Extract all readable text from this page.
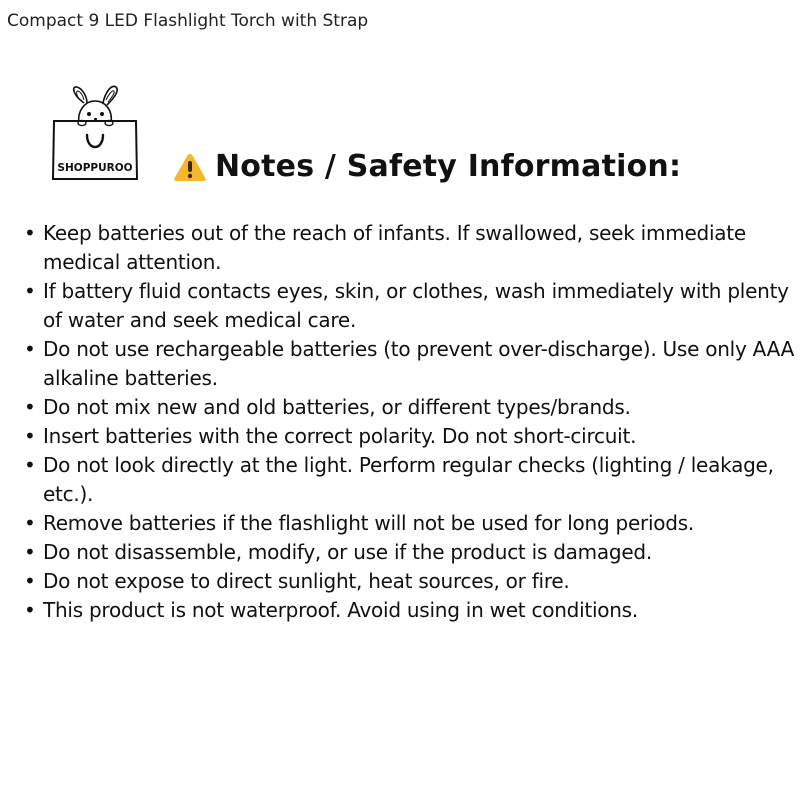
Compact 9 LED Flashlight Torch with Strap
SHOPPUROO	Notes / Safety Information:
• Keep batteries out of the reach of infants. If swallowed, seek immediate medical attention.
• If battery fluid contacts eyes, skin, or clothes, wash immediately with plenty of water and seek medical care.
• Do not use rechargeable batteries (to prevent over-discharge). Use only AAA alkaline batteries.
• Do not mix new and old batteries, or different types/brands.
• Insert batteries with the correct polarity. Do not short-circuit.
• Do not look directly at the light. Perform regular checks (lighting / leakage, etc.).
• Remove batteries if the flashlight will not be used for long periods.
• Do not disassemble, modify, or use if the product is damaged.
• Do not expose to direct sunlight, heat sources, or fire.
• This product is not waterproof. Avoid using in wet conditions.
